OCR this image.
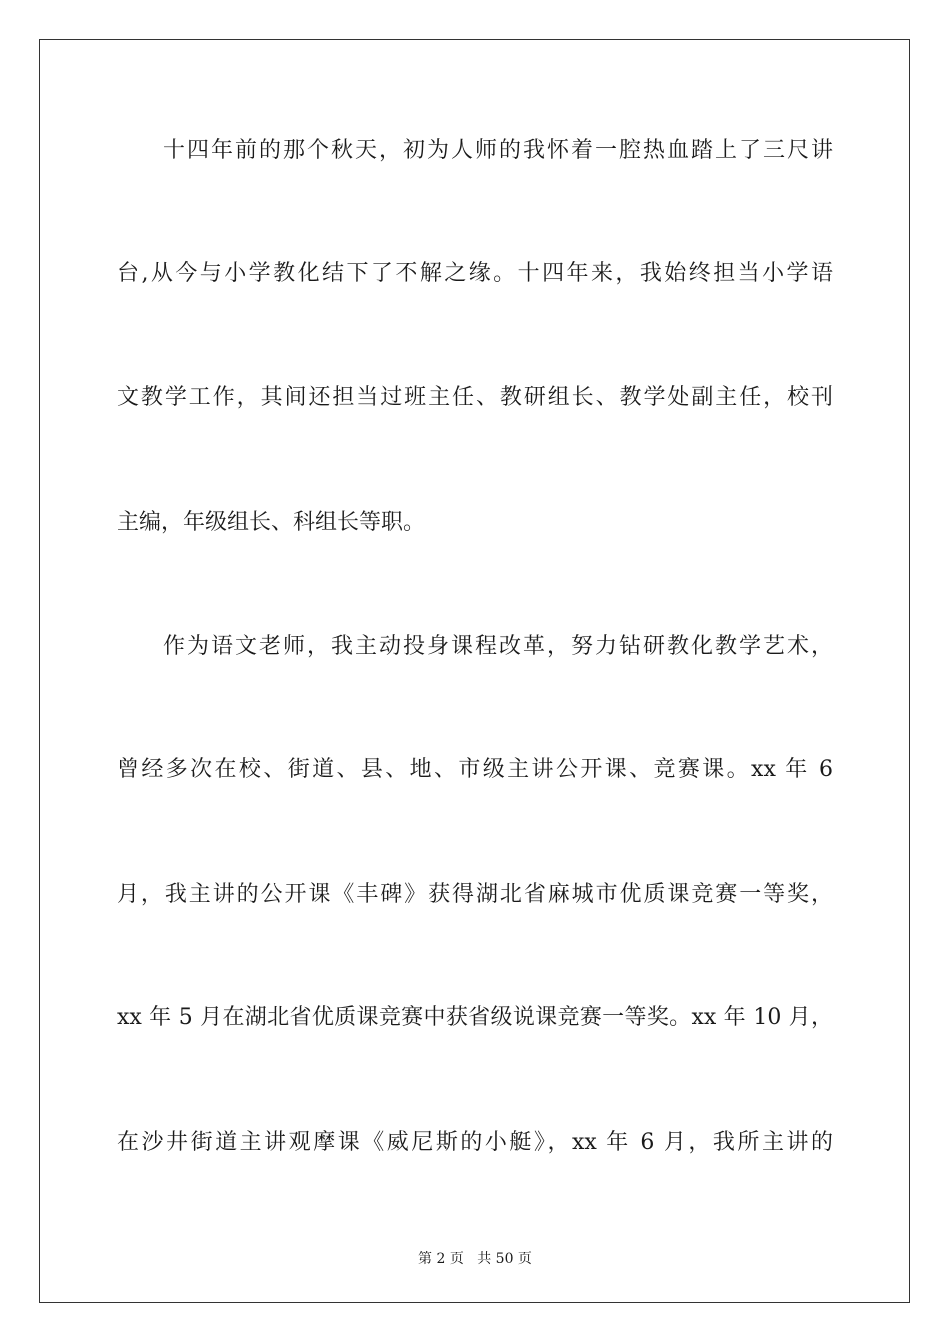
十四年前的那个秋天，初为人师的我怀着一腔热血踏上了三尺讲
台,从今与小学教化结下了不解之缘。十四年来，我始终担当小学语
文教学工作，其间还担当过班主任、教研组长、教学处副主任，校刊
主编，年级组长、科组长等职。
作为语文老师，我主动投身课程改革，努力钻研教化教学艺术，
曾经多次在校、街道、县、地、市级主讲公开课、竞赛课。xx 年 6
月，我主讲的公开课《丰碑》获得湖北省麻城市优质课竞赛一等奖，
xx 年 5 月在湖北省优质课竞赛中获省级说课竞赛一等奖。xx 年 10 月，
在沙井街道主讲观摩课《威尼斯的小艇》，xx 年 6 月，我所主讲的
第 2 页 共 50 页
